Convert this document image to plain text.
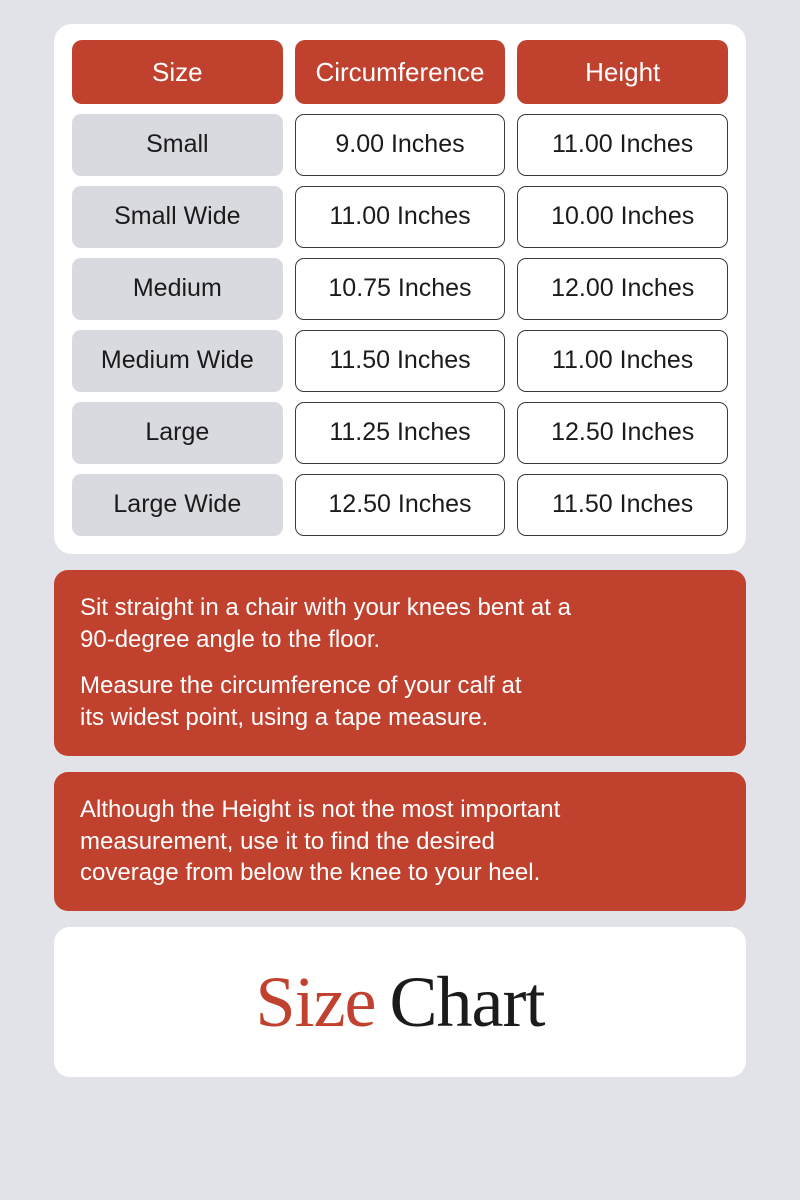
Size	Circumference	Height
Small	9.00 Inches	11.00 Inches
Small Wide	11.00 Inches	10.00 Inches
Medium	10.75 Inches	12.00 Inches
Medium Wide	11.50 Inches	11.00 Inches
Large	11.25 Inches	12.50 Inches
Large Wide	12.50 Inches	11.50 Inches
Sit straight in a chair with your knees bent at a
90-degree angle to the floor.
Measure the circumference of your calf at
its widest point, using a tape measure.
Although the Height is not the most important
measurement, use it to find the desired
coverage from below the knee to your heel.
Size Chart
